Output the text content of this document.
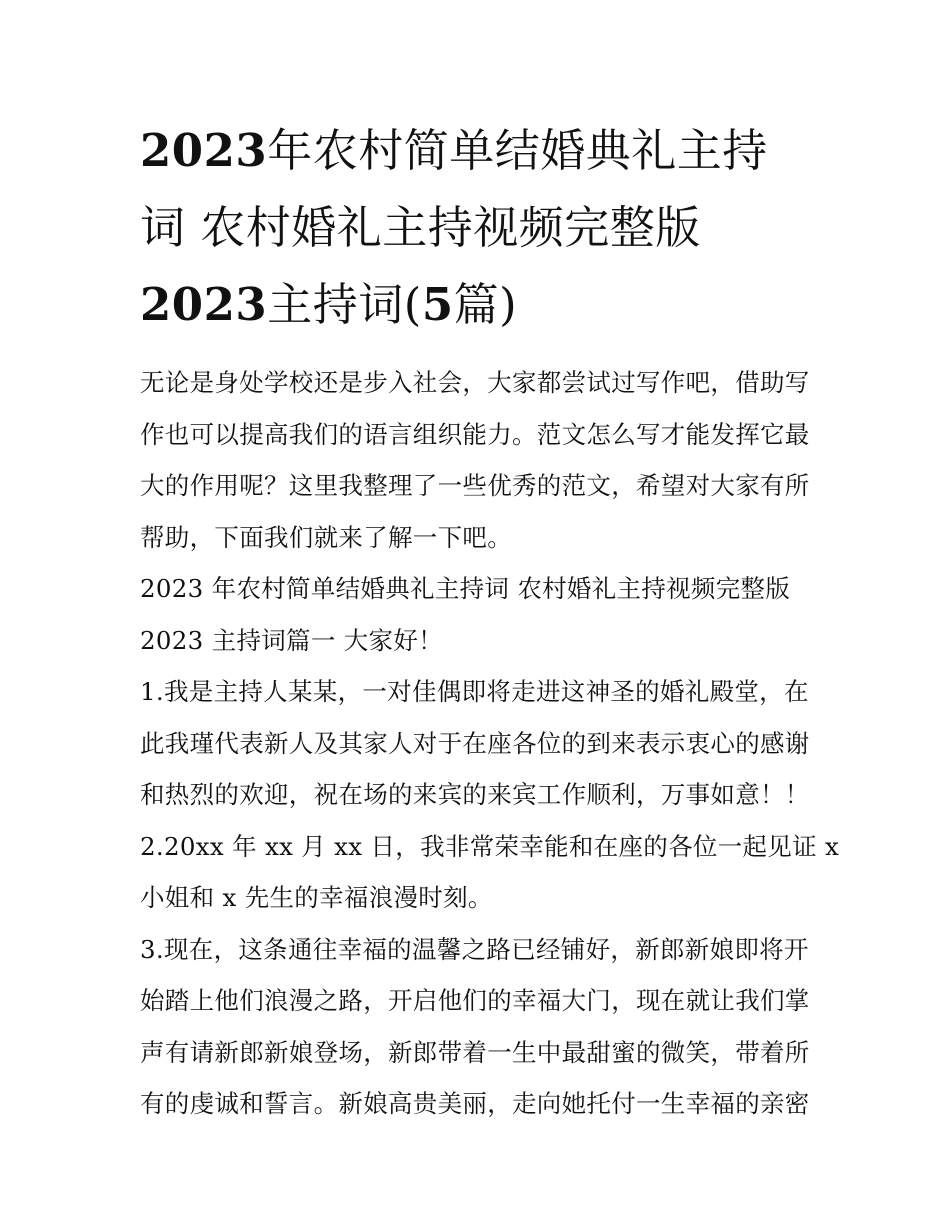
2023年农村简单结婚典礼主持
词 农村婚礼主持视频完整版
2023主持词(5篇)
无论是身处学校还是步入社会，大家都尝试过写作吧，借助写
作也可以提高我们的语言组织能力。范文怎么写才能发挥它最
大的作用呢？这里我整理了一些优秀的范文，希望对大家有所
帮助，下面我们就来了解一下吧。
2023 年农村简单结婚典礼主持词 农村婚礼主持视频完整版
2023 主持词篇一 大家好！
1.我是主持人某某，一对佳偶即将走进这神圣的婚礼殿堂，在
此我瑾代表新人及其家人对于在座各位的到来表示衷心的感谢
和热烈的欢迎，祝在场的来宾的来宾工作顺利，万事如意！！
2.20xx 年 xx 月 xx 日，我非常荣幸能和在座的各位一起见证 x
小姐和 x 先生的幸福浪漫时刻。
3.现在，这条通往幸福的温馨之路已经铺好，新郎新娘即将开
始踏上他们浪漫之路，开启他们的幸福大门，现在就让我们掌
声有请新郎新娘登场，新郎带着一生中最甜蜜的微笑，带着所
有的虔诚和誓言。新娘高贵美丽，走向她托付一生幸福的亲密
